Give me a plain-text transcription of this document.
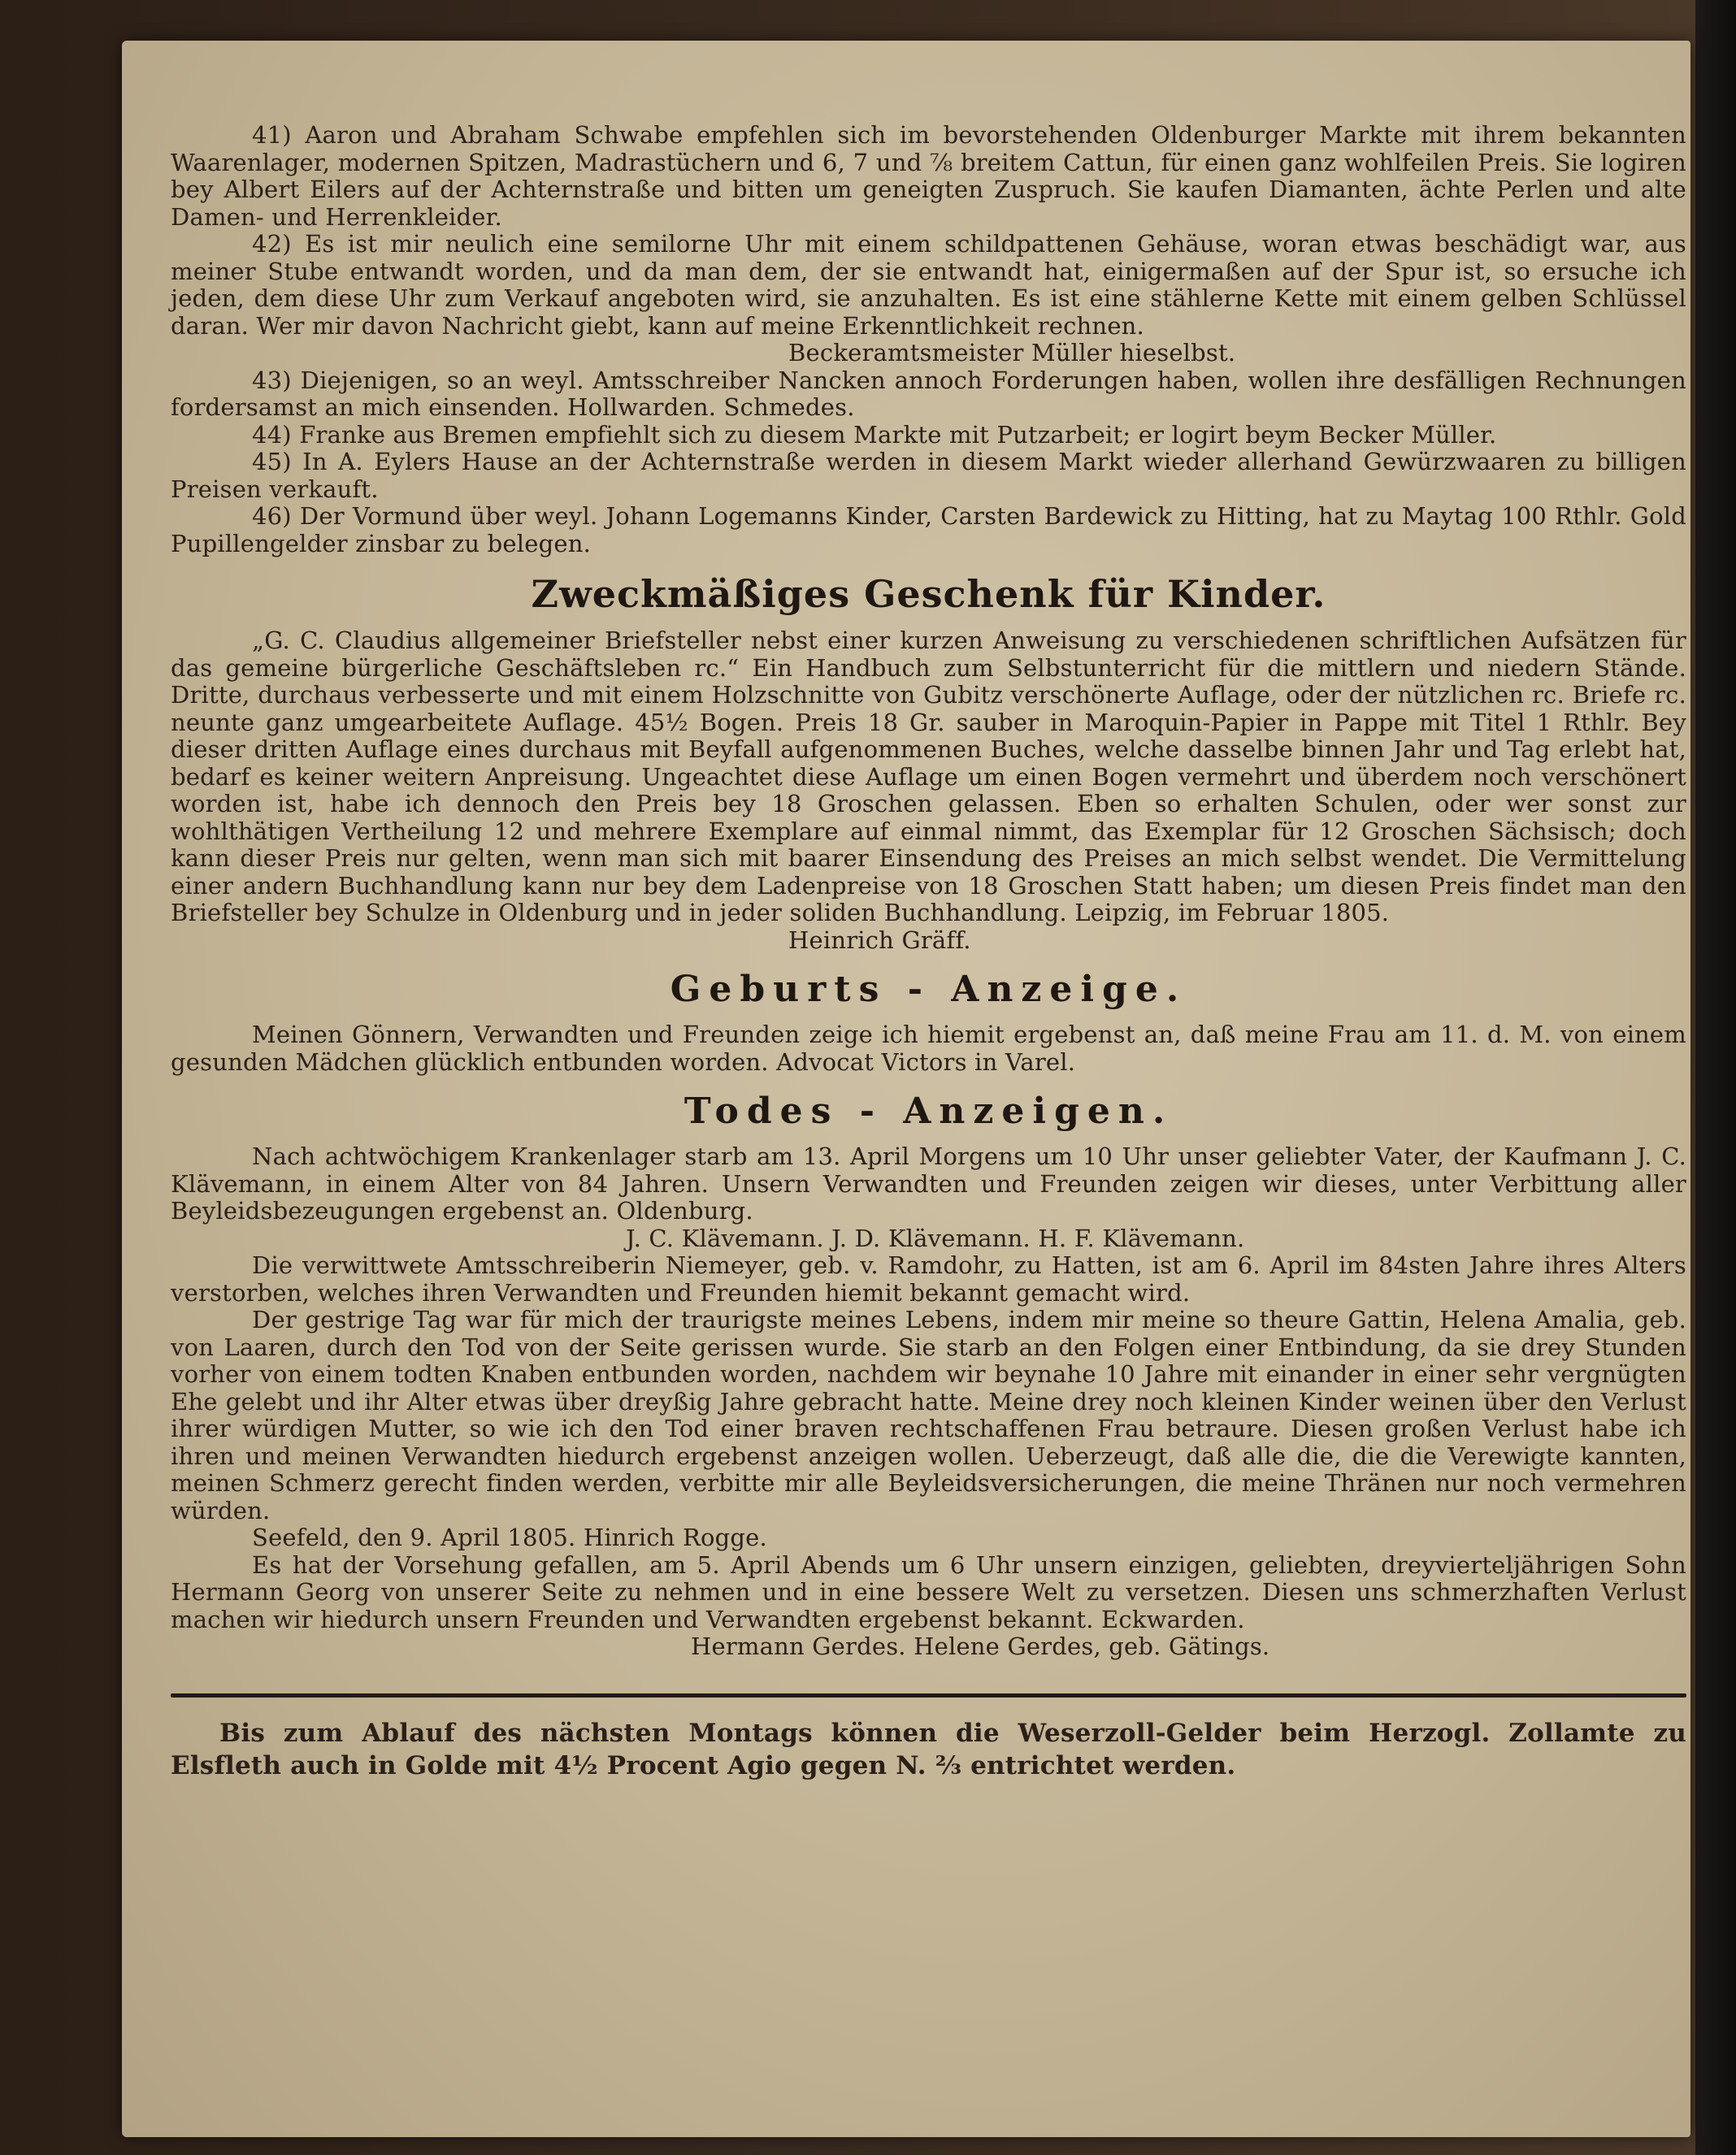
41) Aaron und Abraham Schwabe empfehlen sich im bevorstehenden Oldenburger Markte mit ihrem bekannten Waarenlager, modernen Spitzen, Madrastüchern und 6, 7 und ⅞ breitem Cattun, für einen ganz wohlfeilen Preis. Sie logiren bey Albert Eilers auf der Achternstraße und bitten um geneigten Zuspruch. Sie kaufen Diamanten, ächte Perlen und alte Damen- und Herrenkleider.

42) Es ist mir neulich eine semilorne Uhr mit einem schildpattenen Gehäuse, woran etwas beschädigt war, aus meiner Stube entwandt worden, und da man dem, der sie entwandt hat, einigermaßen auf der Spur ist, so ersuche ich jeden, dem diese Uhr zum Verkauf angeboten wird, sie anzuhalten. Es ist eine stählerne Kette mit einem gelben Schlüssel daran. Wer mir davon Nachricht giebt, kann auf meine Erkenntlichkeit rechnen.

Beckeramtsmeister Müller hieselbst.

43) Diejenigen, so an weyl. Amtsschreiber Nancken annoch Forderungen haben, wollen ihre desfälligen Rechnungen fordersamst an mich einsenden. Hollwarden. Schmedes.

44) Franke aus Bremen empfiehlt sich zu diesem Markte mit Putzarbeit; er logirt beym Becker Müller.

45) In A. Eylers Hause an der Achternstraße werden in diesem Markt wieder allerhand Gewürzwaaren zu billigen Preisen verkauft.

46) Der Vormund über weyl. Johann Logemanns Kinder, Carsten Bardewick zu Hitting, hat zu Maytag 100 Rthlr. Gold Pupillengelder zinsbar zu belegen.

Zweckmäßiges Geschenk für Kinder.

„G. C. Claudius allgemeiner Briefsteller nebst einer kurzen Anweisung zu verschiedenen schriftlichen Aufsätzen für das gemeine bürgerliche Geschäftsleben rc.“ Ein Handbuch zum Selbstunterricht für die mittlern und niedern Stände. Dritte, durchaus verbesserte und mit einem Holzschnitte von Gubitz verschönerte Auflage, oder der nützlichen rc. Briefe rc. neunte ganz umgearbeitete Auflage. 45½ Bogen. Preis 18 Gr. sauber in Maroquin-Papier in Pappe mit Titel 1 Rthlr. Bey dieser dritten Auflage eines durchaus mit Beyfall aufgenommenen Buches, welche dasselbe binnen Jahr und Tag erlebt hat, bedarf es keiner weitern Anpreisung. Ungeachtet diese Auflage um einen Bogen vermehrt und überdem noch verschönert worden ist, habe ich dennoch den Preis bey 18 Groschen gelassen. Eben so erhalten Schulen, oder wer sonst zur wohlthätigen Vertheilung 12 und mehrere Exemplare auf einmal nimmt, das Exemplar für 12 Groschen Sächsisch; doch kann dieser Preis nur gelten, wenn man sich mit baarer Einsendung des Preises an mich selbst wendet. Die Vermittelung einer andern Buchhandlung kann nur bey dem Ladenpreise von 18 Groschen Statt haben; um diesen Preis findet man den Briefsteller bey Schulze in Oldenburg und in jeder soliden Buchhandlung. Leipzig, im Februar 1805.

Heinrich Gräff.

Geburts - Anzeige.

Meinen Gönnern, Verwandten und Freunden zeige ich hiemit ergebenst an, daß meine Frau am 11. d. M. von einem gesunden Mädchen glücklich entbunden worden. Advocat Victors in Varel.

Todes - Anzeigen.

Nach achtwöchigem Krankenlager starb am 13. April Morgens um 10 Uhr unser geliebter Vater, der Kaufmann J. C. Klävemann, in einem Alter von 84 Jahren. Unsern Verwandten und Freunden zeigen wir dieses, unter Verbittung aller Beyleidsbezeugungen ergebenst an. Oldenburg.

J. C. Klävemann. J. D. Klävemann. H. F. Klävemann.

Die verwittwete Amtsschreiberin Niemeyer, geb. v. Ramdohr, zu Hatten, ist am 6. April im 84sten Jahre ihres Alters verstorben, welches ihren Verwandten und Freunden hiemit bekannt gemacht wird.

Der gestrige Tag war für mich der traurigste meines Lebens, indem mir meine so theure Gattin, Helena Amalia, geb. von Laaren, durch den Tod von der Seite gerissen wurde. Sie starb an den Folgen einer Entbindung, da sie drey Stunden vorher von einem todten Knaben entbunden worden, nachdem wir beynahe 10 Jahre mit einander in einer sehr vergnügten Ehe gelebt und ihr Alter etwas über dreyßig Jahre gebracht hatte. Meine drey noch kleinen Kinder weinen über den Verlust ihrer würdigen Mutter, so wie ich den Tod einer braven rechtschaffenen Frau betraure. Diesen großen Verlust habe ich ihren und meinen Verwandten hiedurch ergebenst anzeigen wollen. Ueberzeugt, daß alle die, die die Verewigte kannten, meinen Schmerz gerecht finden werden, verbitte mir alle Beyleidsversicherungen, die meine Thränen nur noch vermehren würden.

Seefeld, den 9. April 1805. Hinrich Rogge.

Es hat der Vorsehung gefallen, am 5. April Abends um 6 Uhr unsern einzigen, geliebten, dreyvierteljährigen Sohn Hermann Georg von unserer Seite zu nehmen und in eine bessere Welt zu versetzen. Diesen uns schmerzhaften Verlust machen wir hiedurch unsern Freunden und Verwandten ergebenst bekannt. Eckwarden.

Hermann Gerdes. Helene Gerdes, geb. Gätings.

Bis zum Ablauf des nächsten Montags können die Weserzoll-Gelder beim Herzogl. Zollamte zu Elsfleth auch in Golde mit 4½ Procent Agio gegen N. ⅔ entrichtet werden.
